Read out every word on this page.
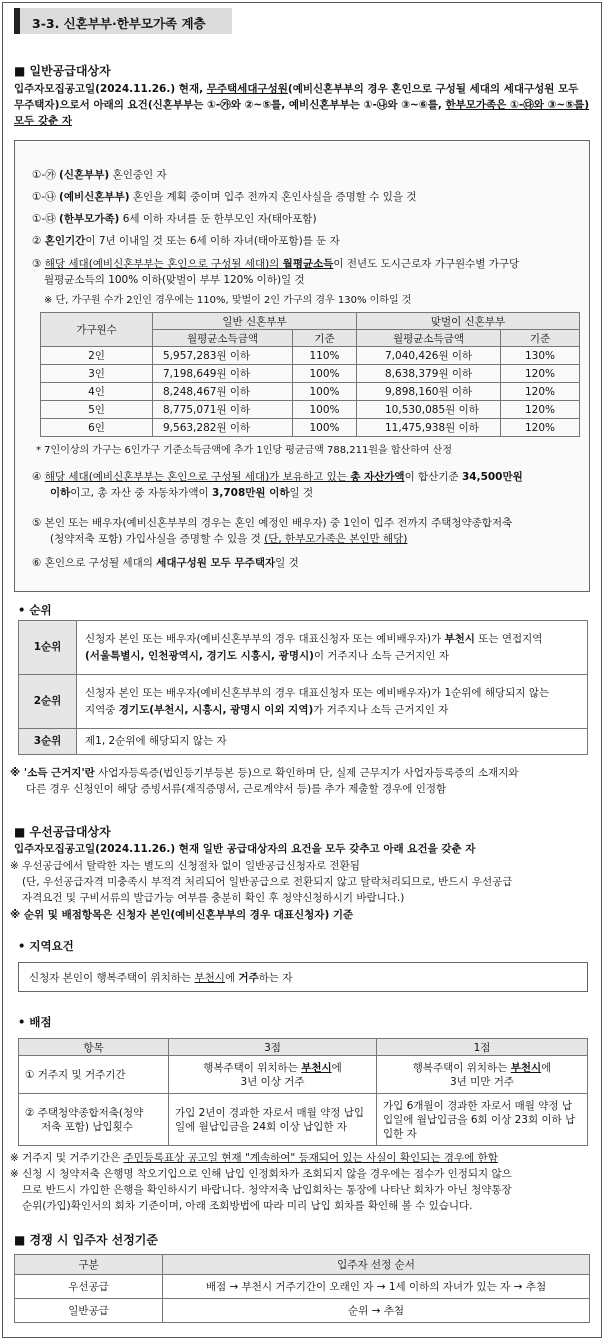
3-3. 신혼부부·한부모가족 계층
■ 일반공급대상자
입주자모집공고일(2024.11.26.) 현재, 무주택세대구성원(예비신혼부부의 경우 혼인으로 구성될 세대의 세대구성원 모두 무주택자)으로서 아래의 요건(신혼부부는 ①-㉮와 ②~⑤를, 예비신혼부부는 ①-㉯와 ③~⑥를, 한부모가족은 ①-㉰와 ③~⑤를) 모두 갖춘 자
①-㉮ (신혼부부) 혼인중인 자
①-㉯ (예비신혼부부) 혼인을 계획 중이며 입주 전까지 혼인사실을 증명할 수 있을 것
①-㉰ (한부모가족) 6세 이하 자녀를 둔 한부모인 자(태아포함)
② 혼인기간이 7년 이내일 것 또는 6세 이하 자녀(태아포함)를 둔 자
③ 해당 세대(예비신혼부부는 혼인으로 구성될 세대)의 월평균소득이 전년도 도시근로자 가구원수별 가구당
월평균소득의 100% 이하(맞벌이 부부 120% 이하)일 것
※ 단, 가구원 수가 2인인 경우에는 110%, 맞벌이 2인 가구의 경우 130% 이하일 것
가구원수	일반 신혼부부		맞벌이 신혼부부	
	월평균소득금액	기준	월평균소득금액	기준
2인	5,957,283원 이하	110%	7,040,426원 이하	130%
3인	7,198,649원 이하	100%	8,638,379원 이하	120%
4인	8,248,467원 이하	100%	9,898,160원 이하	120%
5인	8,775,071원 이하	100%	10,530,085원 이하	120%
6인	9,563,282원 이하	100%	11,475,938원 이하	120%
* 7인이상의 가구는 6인가구 기준소득금액에 추가 1인당 평균금액 788,211원을 합산하여 산정
④ 해당 세대(예비신혼부부는 혼인으로 구성될 세대)가 보유하고 있는 총 자산가액이 합산기준 34,500만원
이하이고, 총 자산 중 자동차가액이 3,708만원 이하일 것
⑤ 본인 또는 배우자(예비신혼부부의 경우는 혼인 예정인 배우자) 중 1인이 입주 전까지 주택청약종합저축
(청약저축 포함) 가입사실을 증명할 수 있을 것 (단, 한부모가족은 본인만 해당)
⑥ 혼인으로 구성될 세대의 세대구성원 모두 무주택자일 것
• 순위
1순위	신청자 본인 또는 배우자(예비신혼부부의 경우 대표신청자 또는 예비배우자)가 부천시 또는 연접지역
(서울특별시, 인천광역시, 경기도 시흥시, 광명시)이 거주지나 소득 근거지인 자
2순위	신청자 본인 또는 배우자(예비신혼부부의 경우 대표신청자 또는 예비배우자)가 1순위에 해당되지 않는
지역중 경기도(부천시, 시흥시, 광명시 이외 지역)가 거주지나 소득 근거지인 자
3순위	제1, 2순위에 해당되지 않는 자
※ '소득 근거지'란 사업자등록증(법인등기부등본 등)으로 확인하며 단, 실제 근무지가 사업자등록증의 소재지와
다른 경우 신청인이 해당 증빙서류(재직증명서, 근로계약서 등)를 추가 제출할 경우에 인정함
■ 우선공급대상자
입주자모집공고일(2024.11.26.) 현재 일반 공급대상자의 요건을 모두 갖추고 아래 요건을 갖춘 자
※ 우선공급에서 탈락한 자는 별도의 신청절차 없이 일반공급신청자로 전환됨
(단, 우선공급자격 미충족시 부적격 처리되어 일반공급으로 전환되지 않고 탈락처리되므로, 반드시 우선공급
자격요건 및 구비서류의 발급가능 여부를 충분히 확인 후 청약신청하시기 바랍니다.)
※ 순위 및 배점항목은 신청자 본인(예비신혼부부의 경우 대표신청자) 기준
• 지역요건
신청자 본인이 행복주택이 위치하는 부천시에 거주하는 자
• 배점
항목	3점	1점
① 거주지 및 거주기간	행복주택이 위치하는 부천시에
3년 이상 거주	행복주택이 위치하는 부천시에
3년 미만 거주
② 주택청약종합저축(청약
저축 포함) 납입횟수	가입 2년이 경과한 자로서 매월 약정 납입일에 월납입금을 24회 이상 납입한 자	가입 6개월이 경과한 자로서 매월 약정 납입일에 월납입금을 6회 이상 23회 이하 납입한 자
※ 거주지 및 거주기간은 주민등록표상 공고일 현재 "계속하여" 등재되어 있는 사실이 확인되는 경우에 한함
※ 신청 시 청약저축 은행명 착오기입으로 인해 납입 인정회차가 조회되지 않을 경우에는 점수가 인정되지 않으
므로 반드시 가입한 은행을 확인하시기 바랍니다. 청약저축 납입회차는 통장에 나타난 회차가 아닌 청약통장
순위(가입)확인서의 회차 기준이며, 아래 조회방법에 따라 미리 납입 회차를 확인해 볼 수 있습니다.
■ 경쟁 시 입주자 선정기준
구분	입주자 선정 순서
우선공급	배점 → 부천시 거주기간이 오래인 자 → 1세 이하의 자녀가 있는 자 → 추첨
일반공급	순위 → 추첨
